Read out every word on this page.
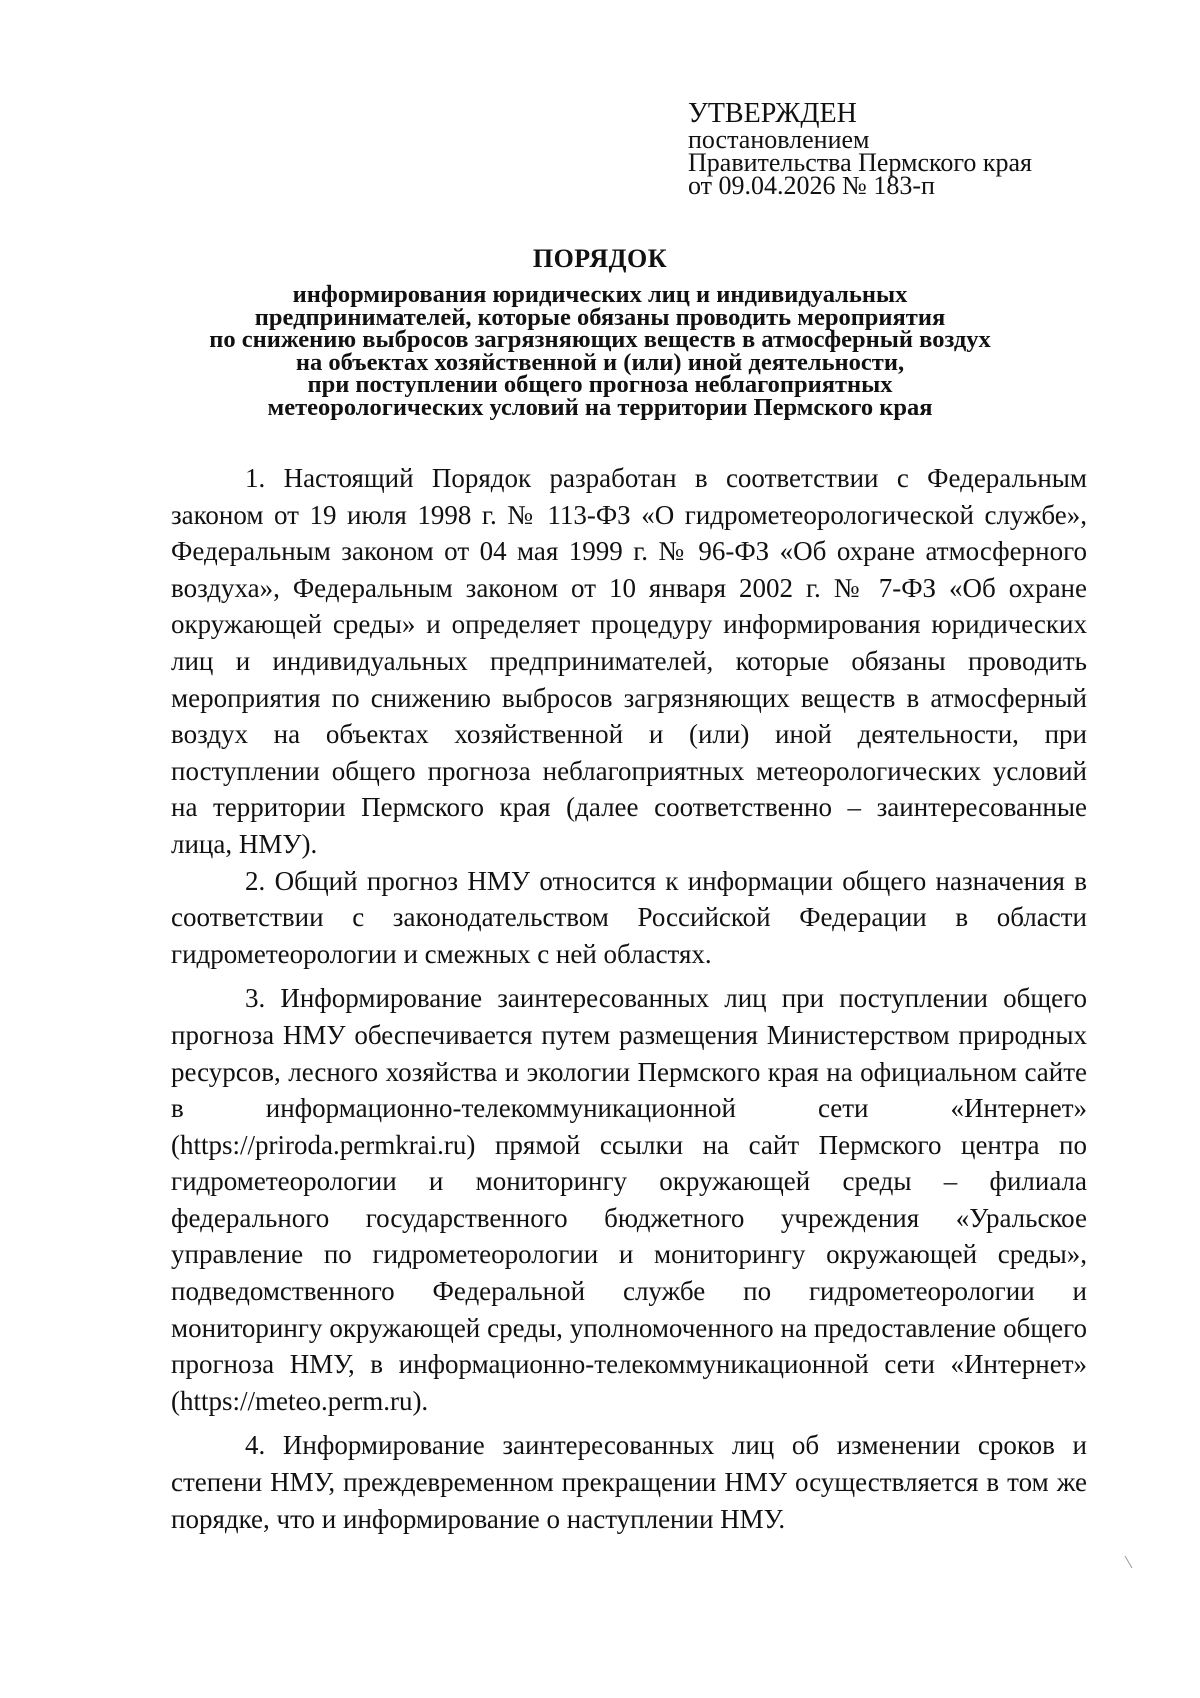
УТВЕРЖДЕН
постановлением
Правительства Пермского края
от 09.04.2026 № 183-п
ПОРЯДОК
информирования юридических лиц и индивидуальных
предпринимателей, которые обязаны проводить мероприятия
по снижению выбросов загрязняющих веществ в атмосферный воздух
на объектах хозяйственной и (или) иной деятельности,
при поступлении общего прогноза неблагоприятных
метеорологических условий на территории Пермского края

1. Настоящий Порядок разработан в соответствии с Федеральным законом от 19 июля 1998 г. № 113-ФЗ «О гидрометеорологической службе», Федеральным законом от 04 мая 1999 г. № 96-ФЗ «Об охране атмосферного воздуха», Федеральным законом от 10 января 2002 г. № 7-ФЗ «Об охране окружающей среды» и определяет процедуру информирования юридических лиц и индивидуальных предпринимателей, которые обязаны проводить мероприятия по снижению выбросов загрязняющих веществ в атмосферный воздух на объектах хозяйственной и (или) иной деятельности, при поступлении общего прогноза неблагоприятных метеорологических условий на территории Пермского края (далее соответственно – заинтересованные лица, НМУ).

2. Общий прогноз НМУ относится к информации общего назначения в соответствии с законодательством Российской Федерации в области гидрометеорологии и смежных с ней областях.

3. Информирование заинтересованных лиц при поступлении общего прогноза НМУ обеспечивается путем размещения Министерством природных ресурсов, лесного хозяйства и экологии Пермского края на официальном сайте в информационно-телекоммуникационной сети «Интернет» (https://priroda.permkrai.ru) прямой ссылки на сайт Пермского центра по гидрометеорологии и мониторингу окружающей среды – филиала федерального государственного бюджетного учреждения «Уральское управление по гидрометеорологии и мониторингу окружающей среды», подведомственного Федеральной службе по гидрометеорологии и мониторингу окружающей среды, уполномоченного на предоставление общего прогноза НМУ, в информационно-телекоммуникационной сети «Интернет» (https://meteo.perm.ru).

4. Информирование заинтересованных лиц об изменении сроков и степени НМУ, преждевременном прекращении НМУ осуществляется в том же порядке, что и информирование о наступлении НМУ.
